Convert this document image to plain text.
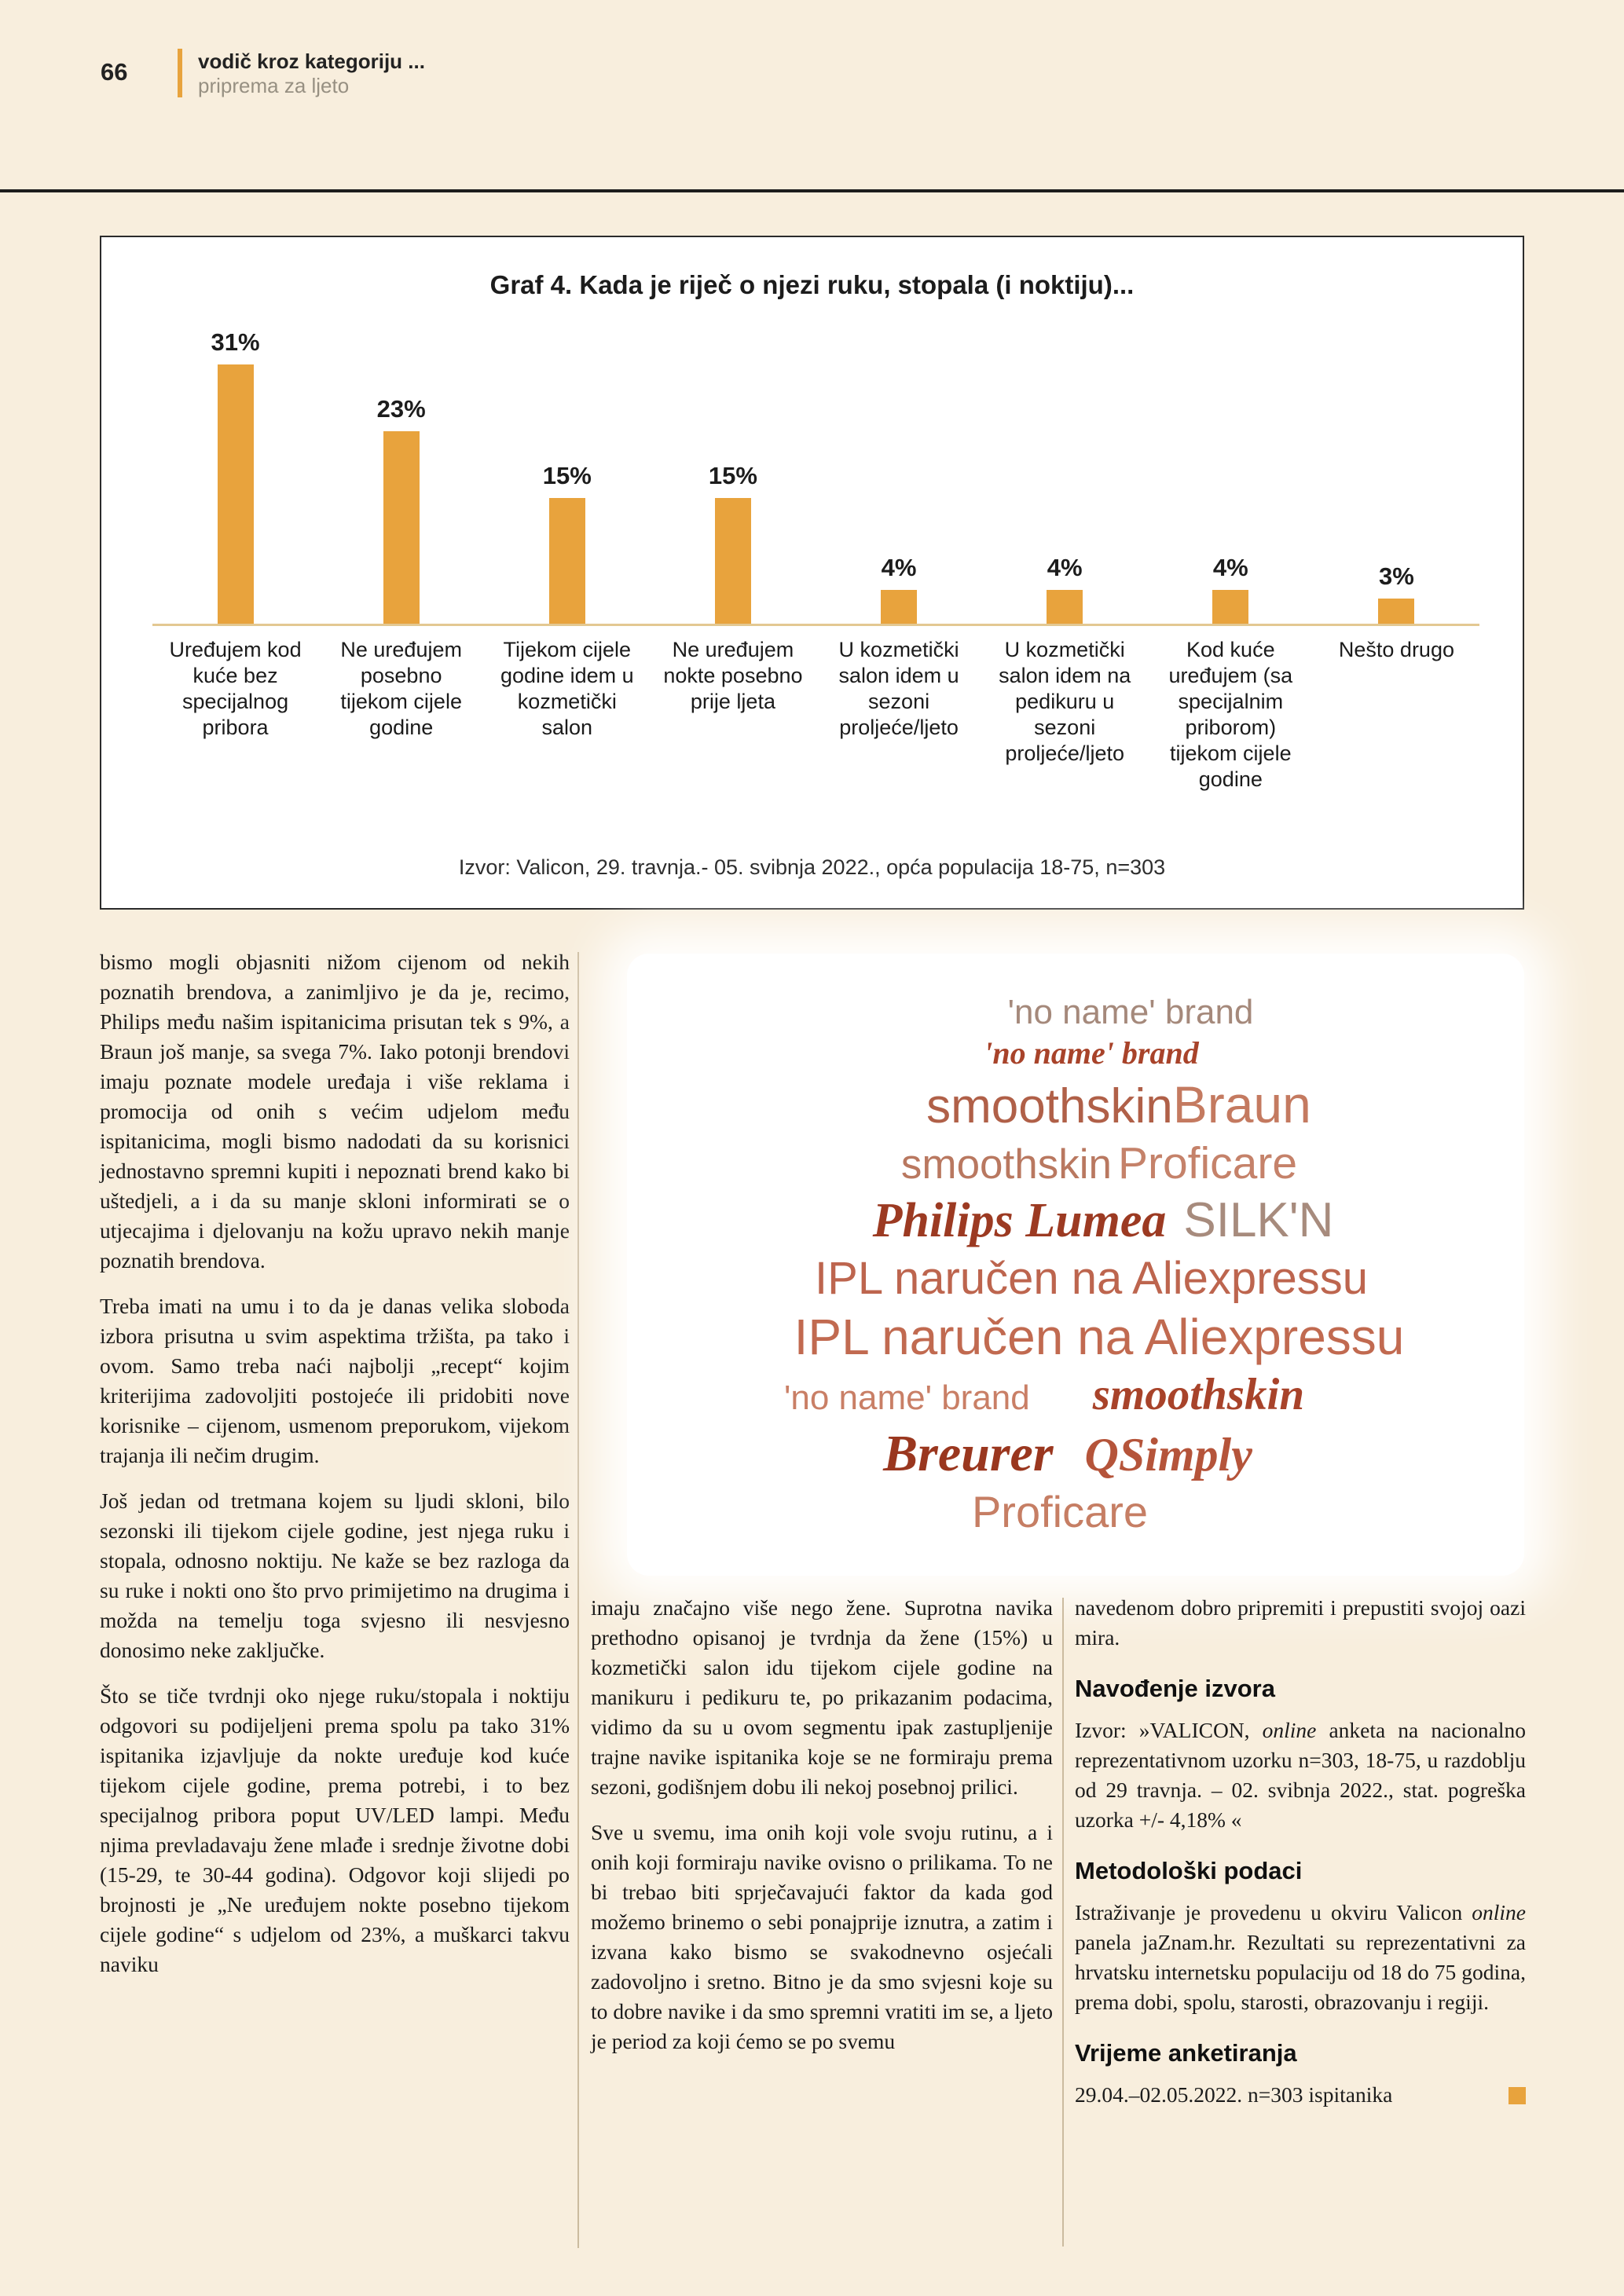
66	vodič kroz kategoriju ...
priprema za ljeto
Graf 4. Kada je riječ o njezi ruku, stopala (i noktiju)...
31%
23%
15%	15%
4%	4%	4%	3%
Uređujem kod kuće bez specijalnog pribora
Ne uređujem posebno tijekom cijele godine
Tijekom cijele godine idem u kozmetički salon
Ne uređujem nokte posebno prije ljeta
U kozmetički salon idem u sezoni proljeće/ljeto
U kozmetički salon idem na pedikuru u sezoni proljeće/ljeto
Kod kuće uređujem (sa specijalnim priborom) tijekom cijele godine
Nešto drugo
Izvor: Valicon, 29. travnja.- 05. svibnja 2022., opća populacija 18-75, n=303

bismo mogli objasniti nižom cijenom od nekih poznatih brendova, a zanimljivo je da je, recimo, Philips među našim ispitanicima prisutan tek s 9%, a Braun još manje, sa svega 7%. Iako potonji brendovi imaju poznate modele uređaja i više reklama i promocija od onih s većim udjelom među ispitanicima, mogli bismo nadodati da su korisnici jednostavno spremni kupiti i nepoznati brend kako bi uštedjeli, a i da su manje skloni informirati se o utjecajima i djelovanju na kožu upravo nekih manje poznatih brendova.

Treba imati na umu i to da je danas velika sloboda izbora prisutna u svim aspektima tržišta, pa tako i ovom. Samo treba naći najbolji „recept“ kojim kriterijima zadovoljiti postojeće ili pridobiti nove korisnike – cijenom, usmenom preporukom, vijekom trajanja ili nečim drugim.

Još jedan od tretmana kojem su ljudi skloni, bilo sezonski ili tijekom cijele godine, jest njega ruku i stopala, odnosno noktiju. Ne kaže se bez razloga da su ruke i nokti ono što prvo primijetimo na drugima i možda na temelju toga svjesno ili nesvjesno donosimo neke zaključke.

Što se tiče tvrdnji oko njege ruku/stopala i noktiju odgovori su podijeljeni prema spolu pa tako 31% ispitanika izjavljuje da nokte uređuje kod kuće tijekom cijele godine, prema potrebi, i to bez specijalnog pribora poput UV/LED lampi. Među njima prevladavaju žene mlađe i srednje životne dobi (15-29, te 30-44 godina). Odgovor koji slijedi po brojnosti je „Ne uređujem nokte posebno tijekom cijele godine“ s udjelom od 23%, a muškarci takvu naviku

'no name' brand
'no name' brand
smoothskin Braun
smoothskin Proficare
Philips Lumea SILK'N
IPL naručen na Aliexpressu
IPL naručen na Aliexpressu
'no name' brand smoothskin
Breurer QSimply
Proficare

imaju značajno više nego žene. Suprotna navika prethodno opisanoj je tvrdnja da žene (15%) u kozmetički salon idu tijekom cijele godine na manikuru i pedikuru te, po prikazanim podacima, vidimo da su u ovom segmentu ipak zastupljenije trajne navike ispitanika koje se ne formiraju prema sezoni, godišnjem dobu ili nekoj posebnoj prilici.

Sve u svemu, ima onih koji vole svoju rutinu, a i onih koji formiraju navike ovisno o prilikama. To ne bi trebao biti sprječavajući faktor da kada god možemo brinemo o sebi ponajprije iznutra, a zatim i izvana kako bismo se svakodnevno osjećali zadovoljno i sretno. Bitno je da smo svjesni koje su to dobre navike i da smo spremni vratiti im se, a ljeto je period za koji ćemo se po svemu

navedenom dobro pripremiti i prepustiti svojoj oazi mira.

Navođenje izvora

Izvor: »VALICON, online anketa na nacionalno reprezentativnom uzorku n=303, 18-75, u razdoblju od 29 travnja. – 02. svibnja 2022., stat. pogreška uzorka +/- 4,18% «

Metodološki podaci

Istraživanje je provedenu u okviru Valicon online panela jaZnam.hr. Rezultati su reprezentativni za hrvatsku internetsku populaciju od 18 do 75 godina, prema dobi, spolu, starosti, obrazovanju i regiji.

Vrijeme anketiranja

29.04.–02.05.2022. n=303 ispitanika
